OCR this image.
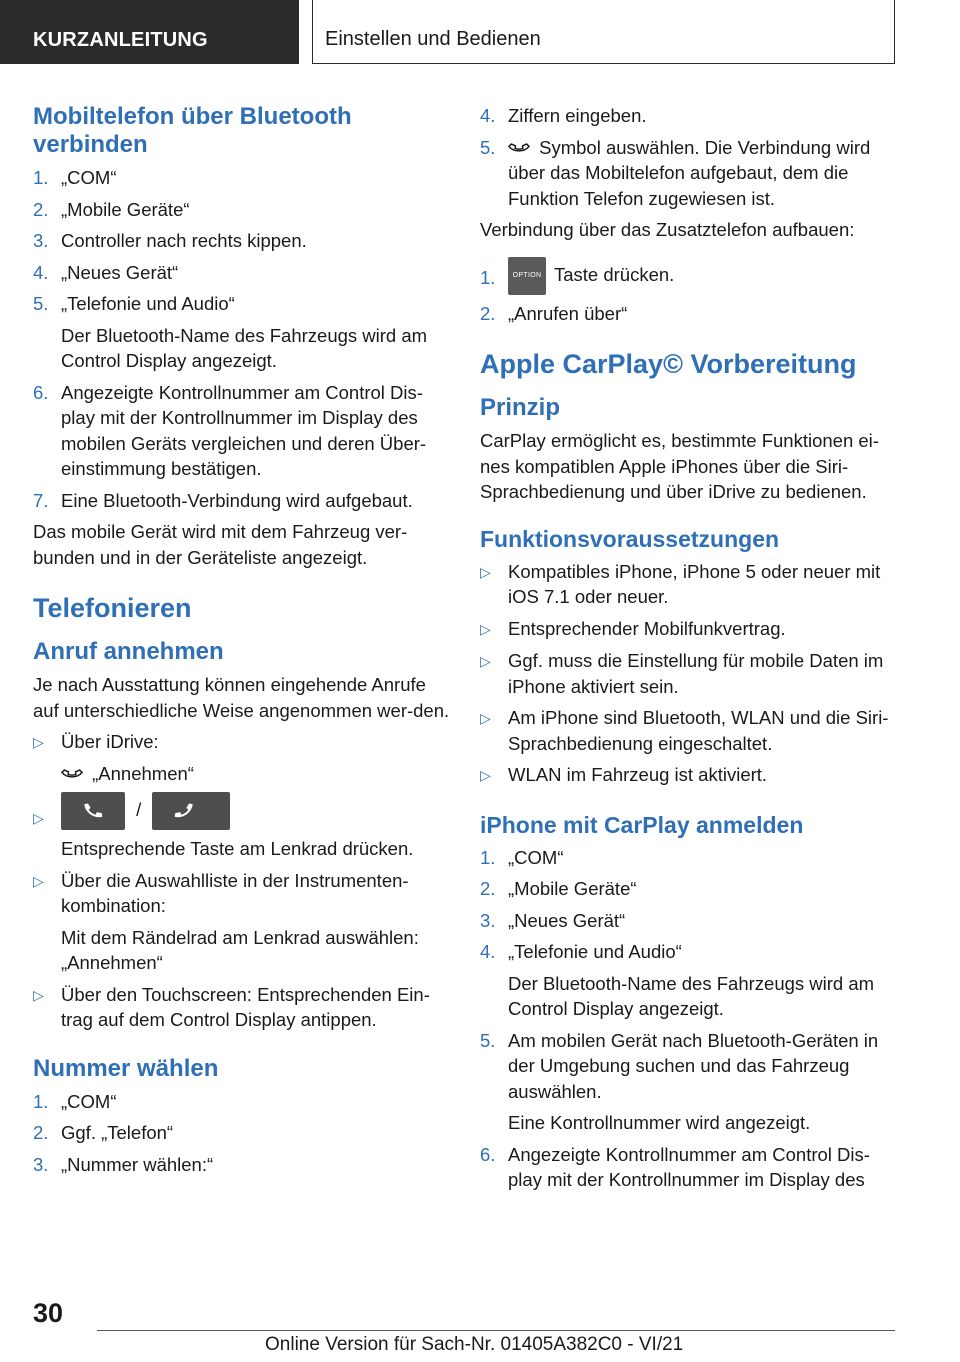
KURZANLEITUNG	Einstellen und Bedienen
Mobiltelefon über Bluetooth verbinden
1. „COM“
2. „Mobile Geräte“
3. Controller nach rechts kippen.
4. „Neues Gerät“
5. „Telefonie und Audio“
Der Bluetooth-Name des Fahrzeugs wird am Control Display angezeigt.
6. Angezeigte Kontrollnummer am Control Dis-play mit der Kontrollnummer im Display des mobilen Geräts vergleichen und deren Über-einstimmung bestätigen.
7. Eine Bluetooth-Verbindung wird aufgebaut.
Das mobile Gerät wird mit dem Fahrzeug ver-bunden und in der Geräteliste angezeigt.
Telefonieren
Anruf annehmen
Je nach Ausstattung können eingehende Anrufe auf unterschiedliche Weise angenommen wer-den.
▷ Über iDrive:
„Annehmen“
▷	/
Entsprechende Taste am Lenkrad drücken.
▷ Über die Auswahlliste in der Instrumenten-kombination:
Mit dem Rändelrad am Lenkrad auswählen: „Annehmen“
▷ Über den Touchscreen: Entsprechenden Ein-trag auf dem Control Display antippen.
Nummer wählen
1. „COM“
2. Ggf. „Telefon“
3. „Nummer wählen:“
4. Ziffern eingeben.
5.	Symbol auswählen. Die Verbindung wird über das Mobiltelefon aufgebaut, dem die Funktion Telefon zugewiesen ist.
Verbindung über das Zusatztelefon aufbauen:
1.	OPTION Taste drücken.
2. „Anrufen über“
Apple CarPlay© Vorbereitung
Prinzip
CarPlay ermöglicht es, bestimmte Funktionen ei-nes kompatiblen Apple iPhones über die Siri-Sprachbedienung und über iDrive zu bedienen.
Funktionsvoraussetzungen
▷ Kompatibles iPhone, iPhone 5 oder neuer mit iOS 7.1 oder neuer.
▷ Entsprechender Mobilfunkvertrag.
▷ Ggf. muss die Einstellung für mobile Daten im iPhone aktiviert sein.
▷ Am iPhone sind Bluetooth, WLAN und die Siri-Sprachbedienung eingeschaltet.
▷ WLAN im Fahrzeug ist aktiviert.
iPhone mit CarPlay anmelden
1. „COM“
2. „Mobile Geräte“
3. „Neues Gerät“
4. „Telefonie und Audio“
Der Bluetooth-Name des Fahrzeugs wird am Control Display angezeigt.
5. Am mobilen Gerät nach Bluetooth-Geräten in der Umgebung suchen und das Fahrzeug auswählen.
Eine Kontrollnummer wird angezeigt.
6. Angezeigte Kontrollnummer am Control Dis-play mit der Kontrollnummer im Display des
30
Online Version für Sach-Nr. 01405A382C0 - VI/21
